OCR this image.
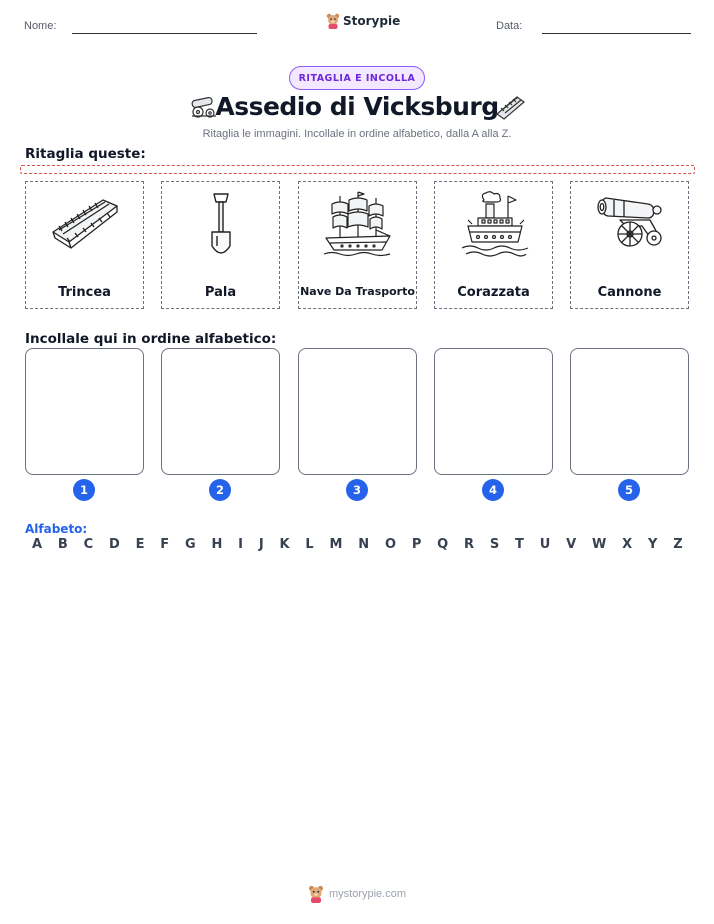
Nome:	Storypie	Data:
RITAGLIA E INCOLLA
Assedio di Vicksburg
Ritaglia le immagini. Incollale in ordine alfabetico, dalla A alla Z.
Ritaglia queste:
Trincea	Pala	Nave Da Trasporto	Corazzata	Cannone
Incollale qui in ordine alfabetico:
1	2	3	4	5
Alfabeto:
A B C D E F G H I J K L M N O P Q R S T U V W X Y Z
mystorypie.com
